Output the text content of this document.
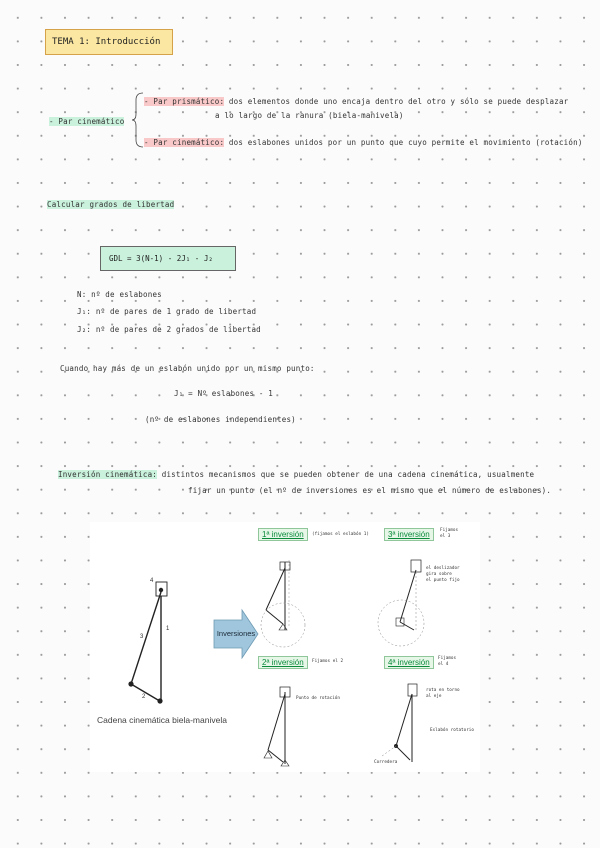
TEMA 1: Introducción
- Par cinemático
- Par prismático: dos elementos donde uno encaja dentro del otro y sólo se puede desplazar
a lo largo de la ranura (biela-manivela)
- Par cinemático: dos eslabones unidos por un punto que cuyo permite el movimiento (rotación)
Calcular grados de libertad
GDL = 3(N-1) - 2J₁ - J₂
N: nº de eslabones
J₁: nº de pares de 1 grado de libertad
J₂: nº de pares de 2 grados de libertad
Cuando hay más de un eslabón unido por un mismo punto:
J₁ = Nº eslabones - 1
(nº de eslabones independientes)
Inversión cinemática: distintos mecanismos que se pueden obtener de una cadena cinemática, usualmente
fijar un punto (el nº de inversiones es el mismo que el número de eslabones).
4
1
3
2
Inversiones
Cadena cinemática biela-manivela
1ª inversión	(fijamos el eslabón 1)	3ª inversión	Fijamos
el 3
el deslizador
gira sobre
el punto fijo
2ª inversión	Fijamos el 2
Punto de rotación
4ª inversión	Fijamos
el 4
rota en torno
al eje
Eslabón rotatorio
Corredera
